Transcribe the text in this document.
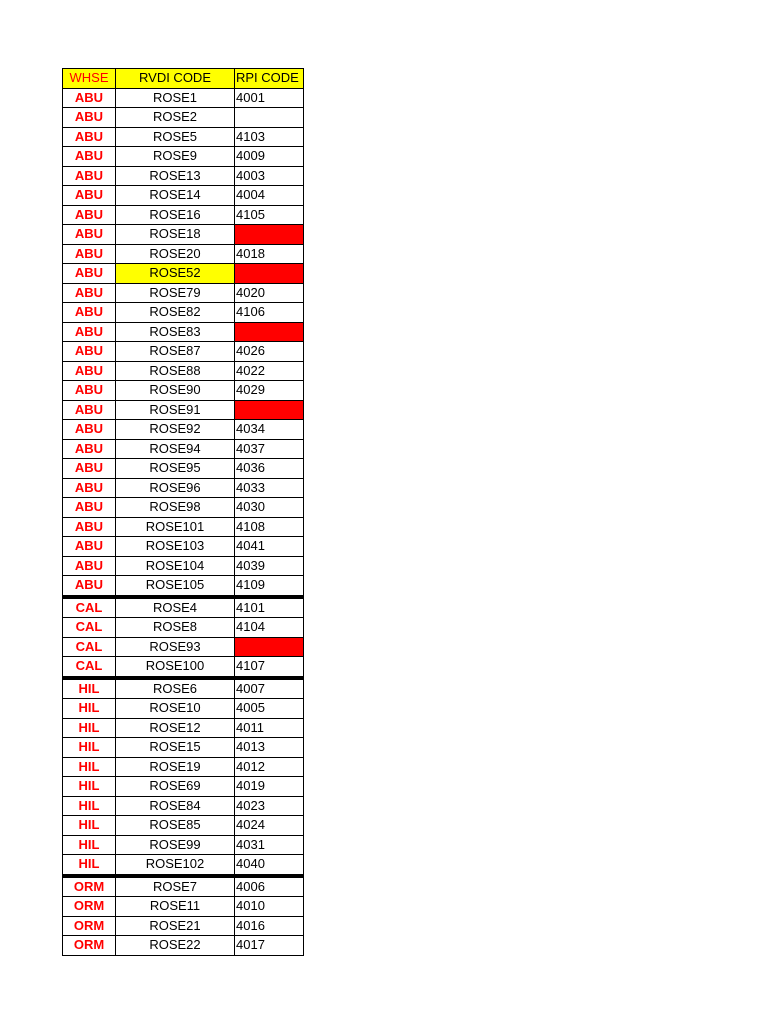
WHSE	RVDI CODE	RPI CODE
ABU	ROSE1	4001
ABU	ROSE2	
ABU	ROSE5	4103
ABU	ROSE9	4009
ABU	ROSE13	4003
ABU	ROSE14	4004
ABU	ROSE16	4105
ABU	ROSE18	
ABU	ROSE20	4018
ABU	ROSE52	
ABU	ROSE79	4020
ABU	ROSE82	4106
ABU	ROSE83	
ABU	ROSE87	4026
ABU	ROSE88	4022
ABU	ROSE90	4029
ABU	ROSE91	
ABU	ROSE92	4034
ABU	ROSE94	4037
ABU	ROSE95	4036
ABU	ROSE96	4033
ABU	ROSE98	4030
ABU	ROSE101	4108
ABU	ROSE103	4041
ABU	ROSE104	4039
ABU	ROSE105	4109
CAL	ROSE4	4101
CAL	ROSE8	4104
CAL	ROSE93	
CAL	ROSE100	4107
HIL	ROSE6	4007
HIL	ROSE10	4005
HIL	ROSE12	4011
HIL	ROSE15	4013
HIL	ROSE19	4012
HIL	ROSE69	4019
HIL	ROSE84	4023
HIL	ROSE85	4024
HIL	ROSE99	4031
HIL	ROSE102	4040
ORM	ROSE7	4006
ORM	ROSE11	4010
ORM	ROSE21	4016
ORM	ROSE22	4017
